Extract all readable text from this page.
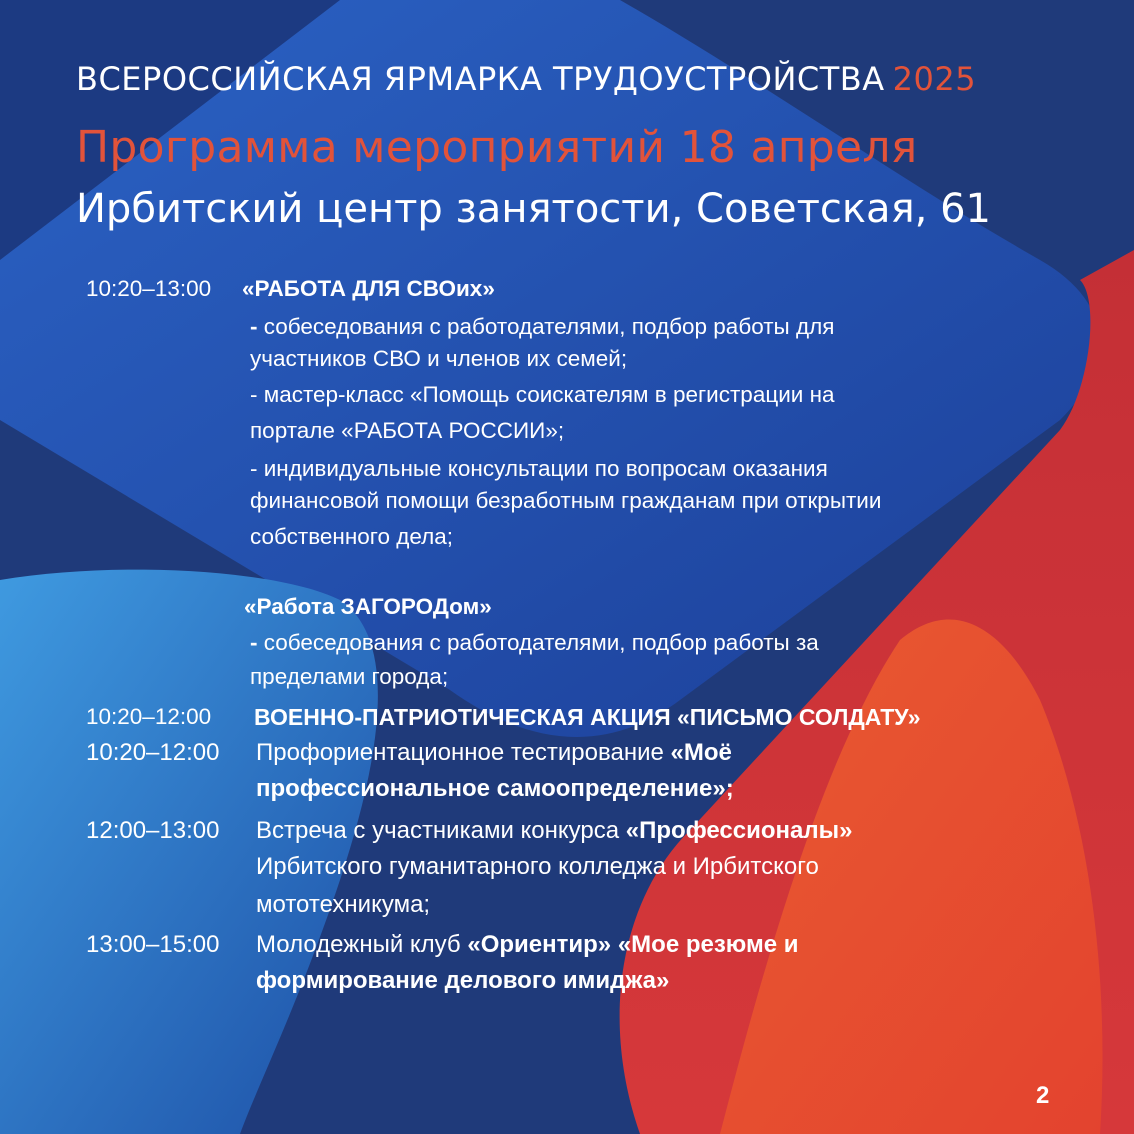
ВСЕРОССИЙСКАЯ ЯРМАРКА ТРУДОУСТРОЙСТВА 2025
Программа мероприятий 18 апреля
Ирбитский центр занятости, Советская, 61
10:20–13:00 «РАБОТА ДЛЯ СВОих»
- собеседования с работодателями, подбор работы для
участников СВО и членов их семей;
- мастер-класс «Помощь соискателям в регистрации на
портале «РАБОТА РОССИИ»;
- индивидуальные консультации по вопросам оказания
финансовой помощи безработным гражданам при открытии
собственного дела;
«Работа ЗАГОРОДом»
- собеседования с работодателями, подбор работы за
пределами города;
10:20–12:00 ВОЕННО-ПАТРИОТИЧЕСКАЯ АКЦИЯ «ПИСЬМО СОЛДАТУ»
10:20–12:00 Профориентационное тестирование «Моё
профессиональное самоопределение»;
12:00–13:00 Встреча с участниками конкурса «Профессионалы»
Ирбитского гуманитарного колледжа и Ирбитского
мототехникума;
13:00–15:00 Молодежный клуб «Ориентир» «Мое резюме и
формирование делового имиджа»
2
